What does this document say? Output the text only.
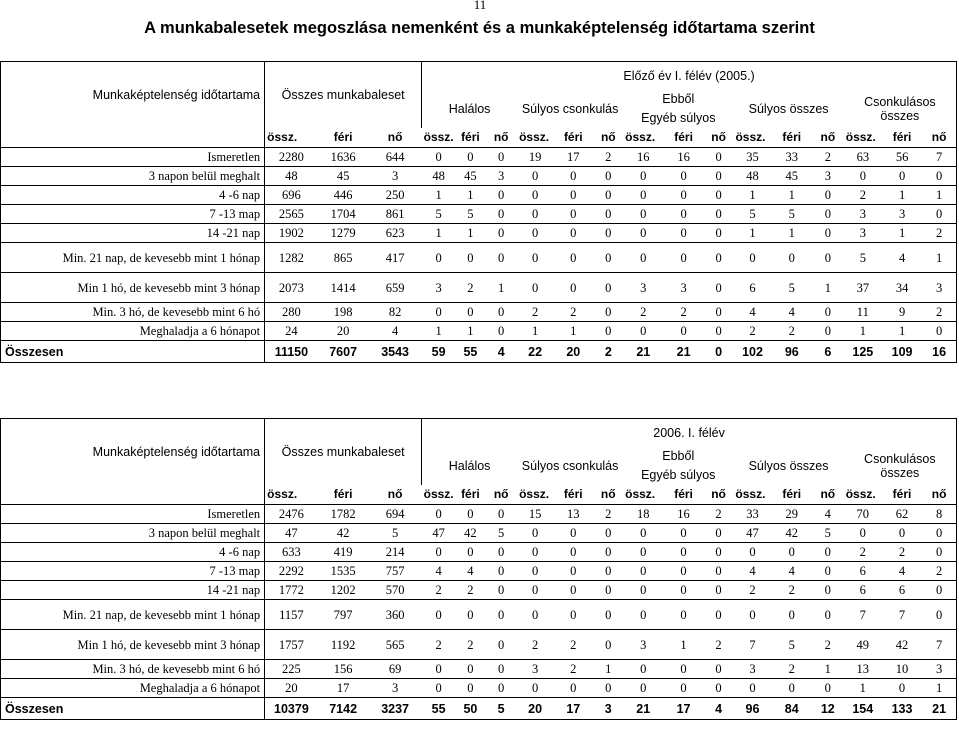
11
A munkabalesetek megoszlása nemenként és a munkaképtelenség időtartama szerint
Munkaképtelenség időtartama	Összes munkabaleset			Előző év I. félév (2005.)														
				Halálos			Súlyos csonkulás			Ebből			Súlyos összes			Csonkulásos összes		
										Egyéb súlyos								
	össz.	féri	nő	össz.	féri	nő	össz.	féri	nő	össz.	féri	nő	össz.	féri	nő	össz.	féri	nő
Ismeretlen	2280	1636	644	0	0	0	19	17	2	16	16	0	35	33	2	63	56	7
3 napon belül meghalt	48	45	3	48	45	3	0	0	0	0	0	0	48	45	3	0	0	0
4 -6 nap	696	446	250	1	1	0	0	0	0	0	0	0	1	1	0	2	1	1
7 -13 map	2565	1704	861	5	5	0	0	0	0	0	0	0	5	5	0	3	3	0
14 -21 nap	1902	1279	623	1	1	0	0	0	0	0	0	0	1	1	0	3	1	2
Min. 21 nap, de kevesebb mint 1 hónap	1282	865	417	0	0	0	0	0	0	0	0	0	0	0	0	5	4	1
Min 1 hó, de kevesebb mint 3 hónap	2073	1414	659	3	2	1	0	0	0	3	3	0	6	5	1	37	34	3
Min. 3 hó, de kevesebb mint 6 hó	280	198	82	0	0	0	2	2	0	2	2	0	4	4	0	11	9	2
Meghaladja a 6 hónapot	24	20	4	1	1	0	1	1	0	0	0	0	2	2	0	1	1	0
Összesen	11150	7607	3543	59	55	4	22	20	2	21	21	0	102	96	6	125	109	16
Munkaképtelenség időtartama	Összes munkabaleset			2006. I. félév														
				Halálos			Súlyos csonkulás			Ebből			Súlyos összes			Csonkulásos összes		
										Egyéb súlyos								
	össz.	féri	nő	össz.	féri	nő	össz.	féri	nő	össz.	féri	nő	össz.	féri	nő	össz.	féri	nő
Ismeretlen	2476	1782	694	0	0	0	15	13	2	18	16	2	33	29	4	70	62	8
3 napon belül meghalt	47	42	5	47	42	5	0	0	0	0	0	0	47	42	5	0	0	0
4 -6 nap	633	419	214	0	0	0	0	0	0	0	0	0	0	0	0	2	2	0
7 -13 map	2292	1535	757	4	4	0	0	0	0	0	0	0	4	4	0	6	4	2
14 -21 nap	1772	1202	570	2	2	0	0	0	0	0	0	0	2	2	0	6	6	0
Min. 21 nap, de kevesebb mint 1 hónap	1157	797	360	0	0	0	0	0	0	0	0	0	0	0	0	7	7	0
Min 1 hó, de kevesebb mint 3 hónap	1757	1192	565	2	2	0	2	2	0	3	1	2	7	5	2	49	42	7
Min. 3 hó, de kevesebb mint 6 hó	225	156	69	0	0	0	3	2	1	0	0	0	3	2	1	13	10	3
Meghaladja a 6 hónapot	20	17	3	0	0	0	0	0	0	0	0	0	0	0	0	1	0	1
Összesen	10379	7142	3237	55	50	5	20	17	3	21	17	4	96	84	12	154	133	21
